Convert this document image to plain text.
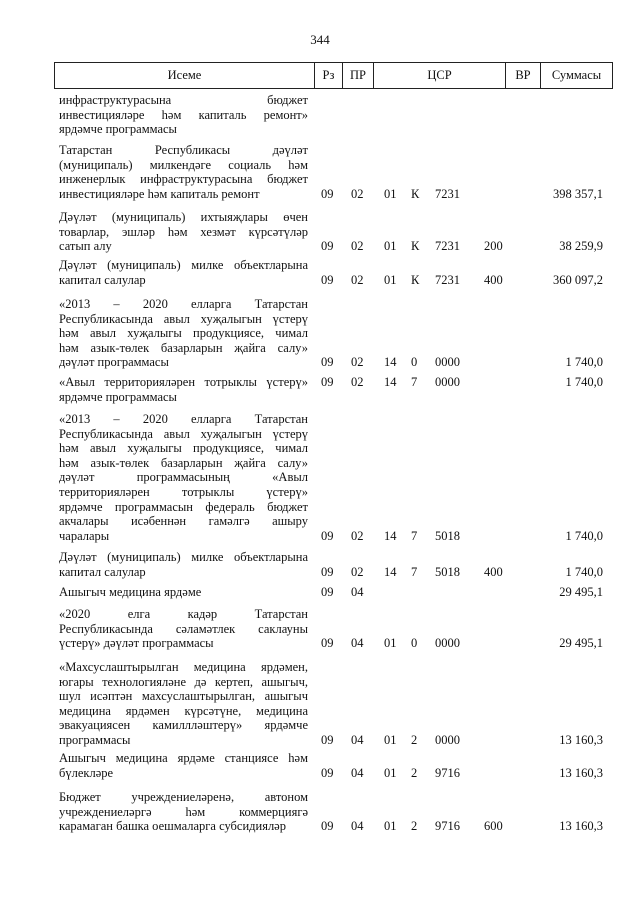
344
Исеме	Рз	ПР	ЦСР	ВР	Суммасы
инфраструктурасына бюджет
инвестицияләре һәм капиталь ремонт»
ярдәмче программасы
Татарстан Республикасы дәүләт
(муниципаль) милкендәге социаль һәм
инженерлык инфраструктурасына бюджет
инвестицияләре һәм капиталь ремонт	09 02 01 К 7231	398 357,1
Дәүләт (муниципаль) ихтыяҗлары өчен
товарлар, эшләр һәм хезмәт күрсәтүләр
сатып алу	09 02 01 К 7231 200	38 259,9
Дәүләт (муниципаль) милке объектларына
капитал салулар	09 02 01 К 7231 400	360 097,2
«2013 – 2020 елларга Татарстан
Республикасында авыл хуҗалыгын үстерү
һәм авыл хуҗалыгы продукциясе, чимал
һәм азык-төлек базарларын җайга салу»
дәүләт программасы	09 02 14 0 0000	1 740,0
«Авыл территорияләрен тотрыклы үстерү»
ярдәмче программасы
09 02 14 7 0000	1 740,0
«2013 – 2020 елларга Татарстан
Республикасында авыл хуҗалыгын үстерү
һәм авыл хуҗалыгы продукциясе, чимал
һәм азык-төлек базарларын җайга салу»
дәүләт программасының «Авыл
территорияләрен тотрыклы үстерү»
ярдәмче программасын федераль бюджет
акчалары исәбеннән гамәлгә ашыру
чаралары	09 02 14 7 5018	1 740,0
Дәүләт (муниципаль) милке объектларына
капитал салулар	09 02 14 7 5018 400	1 740,0
Ашыгыч медицина ярдәме	09 04	29 495,1
«2020 елга кадәр Татарстан
Республикасында сәламәтлек саклауны
үстерү» дәүләт программасы	09 04 01 0 0000	29 495,1
«Махсуслаштырылган медицина ярдәмен,
югары технологияләне дә кертеп, ашыгыч,
шул исәптән махсуслаштырылган, ашыгыч
медицина ярдәмен күрсәтүне, медицина
эвакуациясен камиллләштерү» ярдәмче
программасы	09 04 01 2 0000	13 160,3
Ашыгыч медицина ярдәме станциясе һәм
бүлекләре	09 04 01 2 9716	13 160,3
Бюджет учреждениеләренә, автоном
учреждениеләргә һәм коммерциягә
карамаган башка оешмаларга субсидияләр	09 04 01 2 9716 600	13 160,3
